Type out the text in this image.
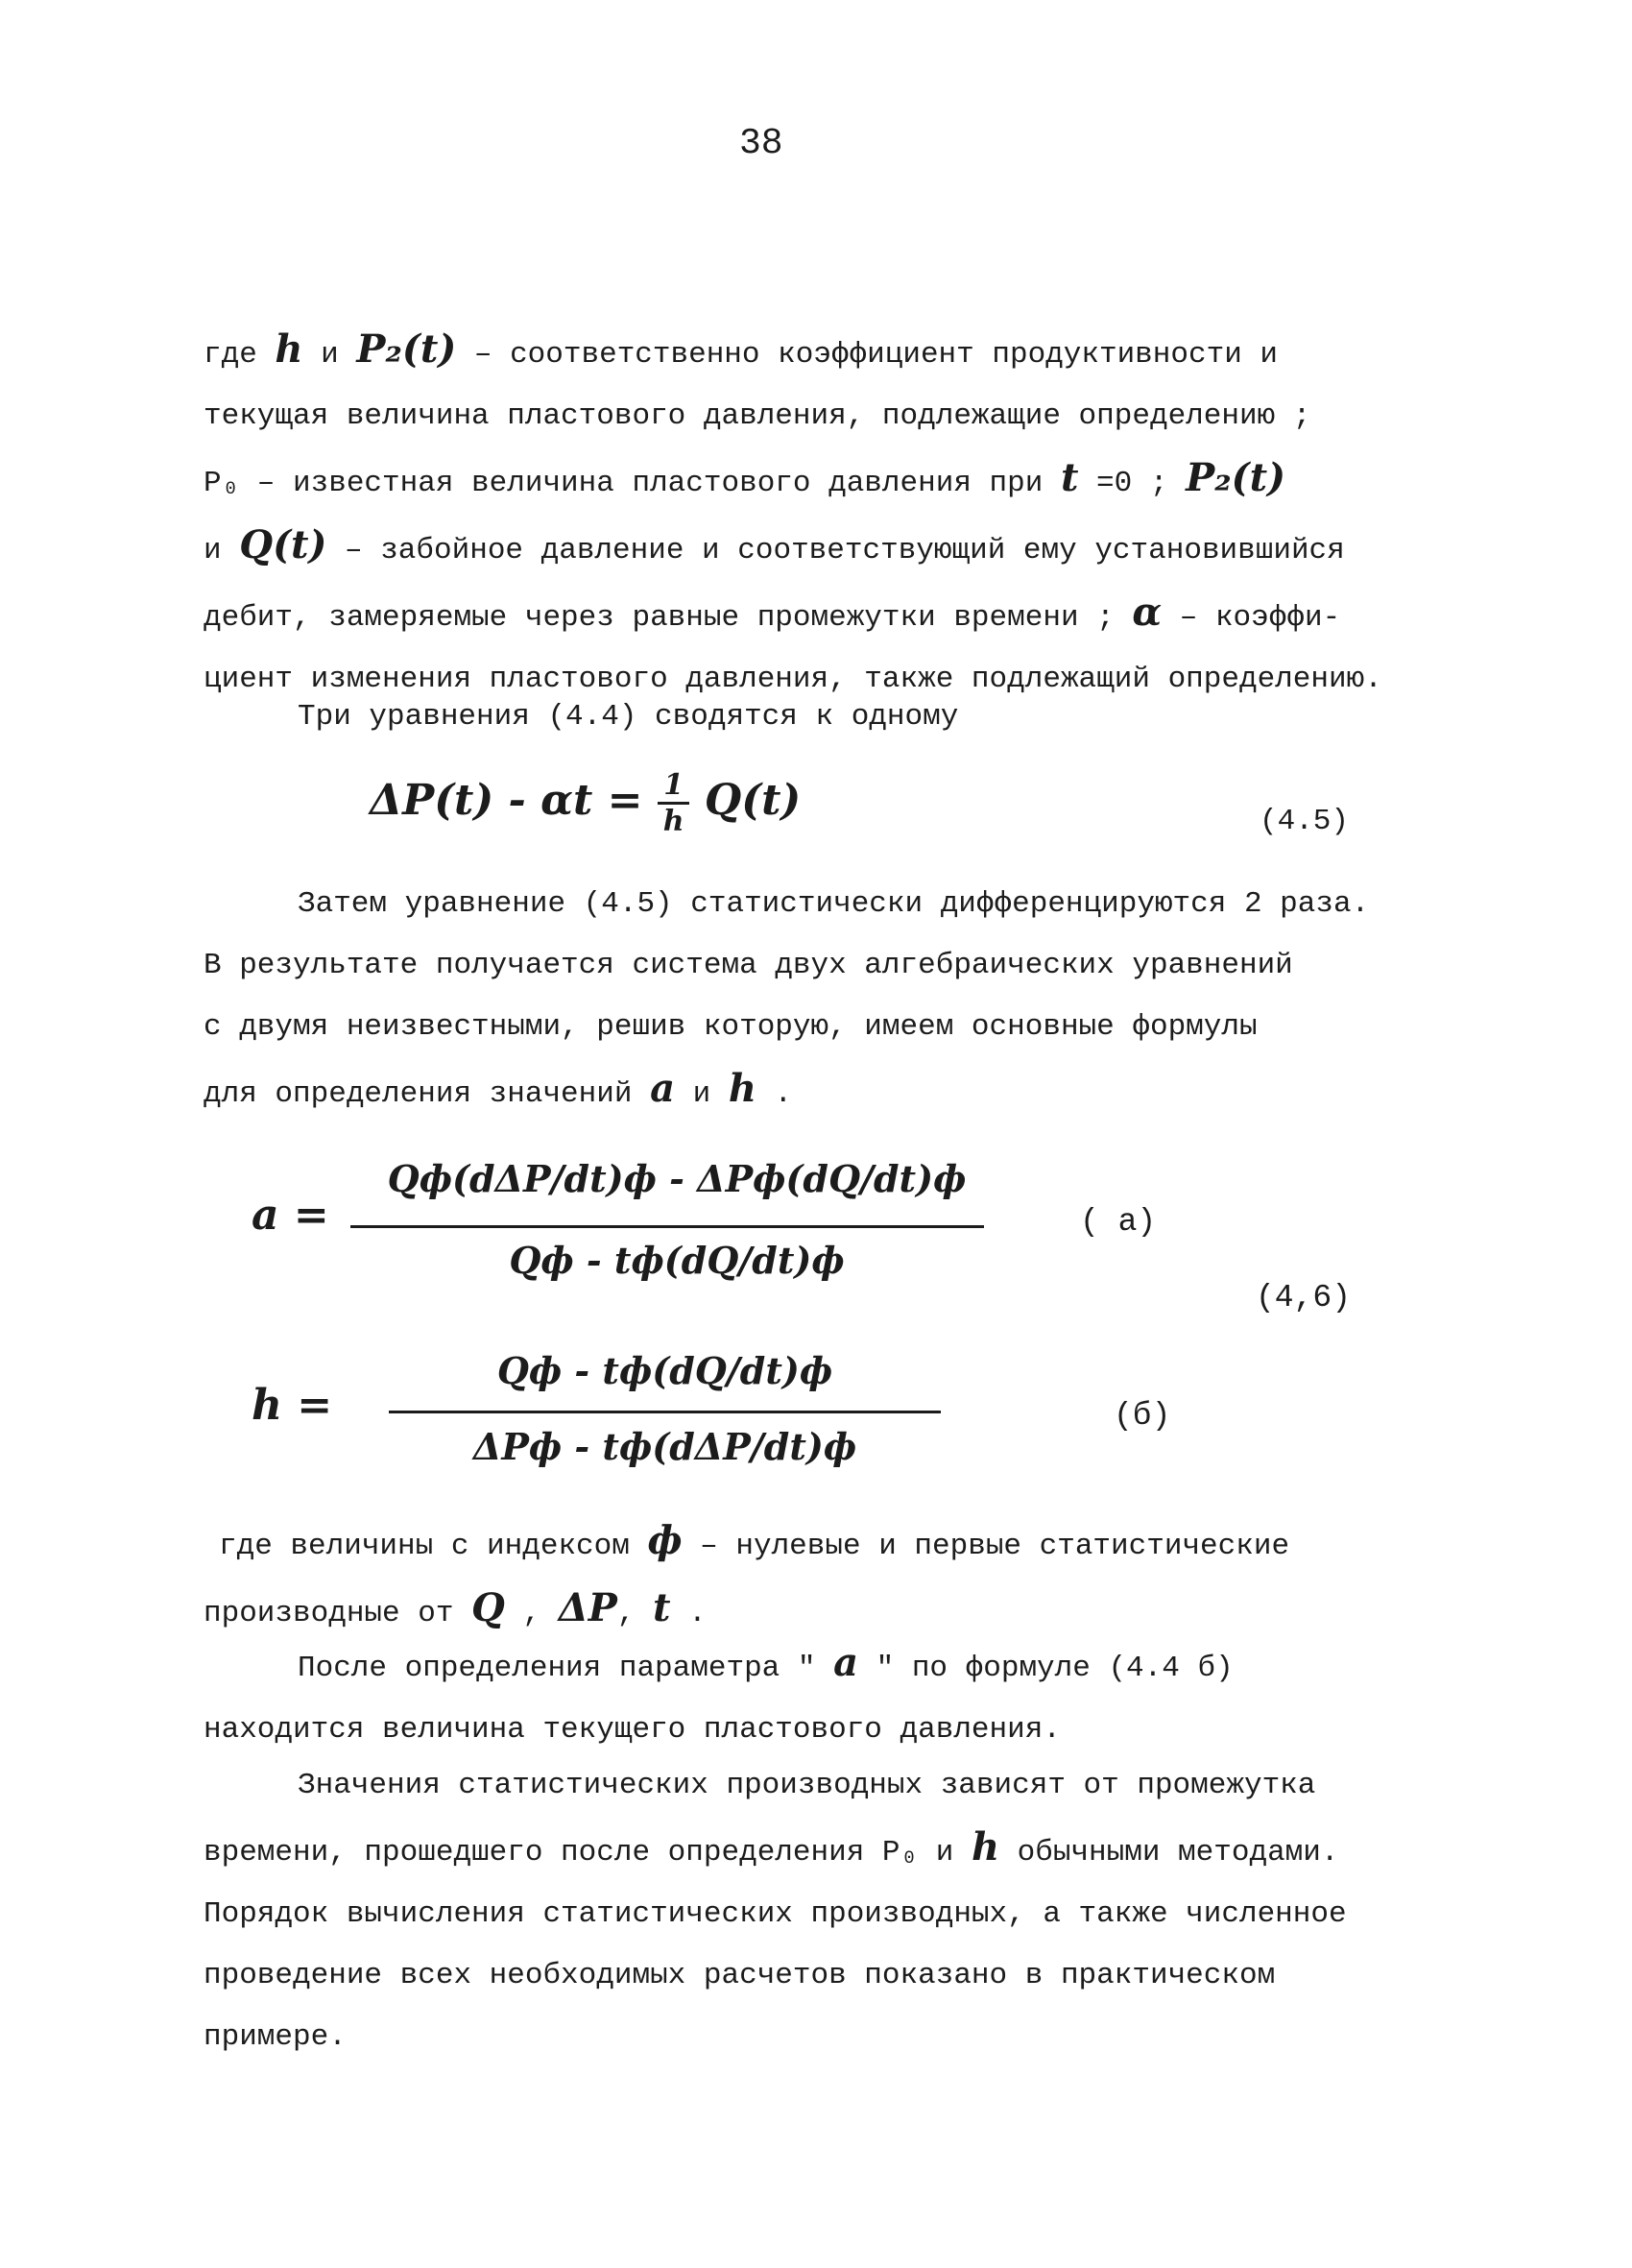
38
где h и P₂(t) – соответственно коэффициент продуктивности и
текущая величина пластового давления, подлежащие определению ;
P₀ – известная величина пластового давления при t =0 ; P₂(t)
и Q(t) – забойное давление и соответствующий ему установившийся
дебит, замеряемые через равные промежутки времени ; α – коэффи-
циент изменения пластового давления, также подлежащий определению.
Три уравнения (4.4) сводятся к одному
$\Delta P(t) - \alpha t = \frac{1}{h} Q(t)$	(4.5)
Затем уравнение (4.5) статистически дифференцируются 2 раза.
В результате получается система двух алгебраических уравнений
с двумя неизвестными, решив которую, имеем основные формулы
для определения значений a и h .
a =
Qф(dΔP/dt)ф - ΔPф(dQ/dt)ф
Qф - tф(dQ/dt)ф
( a)
(4,6)
h =
Qф - tф(dQ/dt)ф
ΔPф - tф(dΔP/dt)ф
(б)
где величины с индексом ф – нулевые и первые статистические
производные от Q , ΔP, t .
После определения параметра " a " по формуле (4.4 б)
находится величина текущего пластового давления.
Значения статистических производных зависят от промежутка
времени, прошедшего после определения P₀ и h обычными методами.
Порядок вычисления статистических производных, а также численное
проведение всех необходимых расчетов показано в практическом
примере.
